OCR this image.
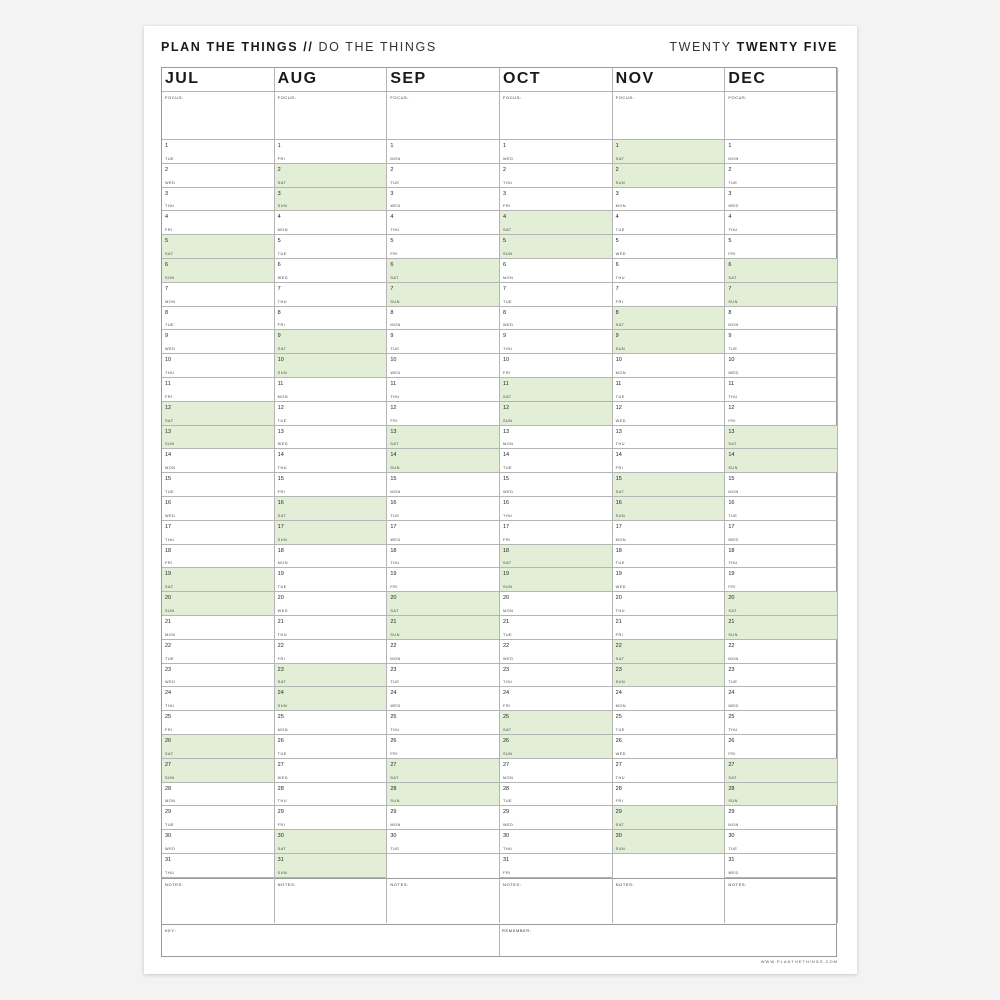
PLAN THE THINGS // DO THE THINGS	TWENTY TWENTY FIVE
DEC
FOCUS:
1
MON
2
TUE
3
WED
4
THU
5
FRI
6
SAT
7
SUN
8
MON
9
TUE
10
WED
11
THU
12
FRI
13
SAT
14
SUN
15
MON
16
TUE
17
WED
18
THU
19
FRI
20
SAT
21
SUN
22
MON
23
TUE
24
WED
25
THU
26
FRI
27
SAT
28
SUN
29
MON
30
TUE
31
WED
NOTES:
NOV
FOCUS:
1
SAT
2
SUN
3
MON
4
TUE
5
WED
6
THU
7
FRI
8
SAT
9
SUN
10
MON
11
TUE
12
WED
13
THU
14
FRI
15
SAT
16
SUN
17
MON
18
TUE
19
WED
20
THU
21
FRI
22
SAT
23
SUN
24
MON
25
TUE
26
WED
27
THU
28
FRI
29
SAT
30
SUN
NOTES:
OCT
FOCUS:
1
WED
2
THU
3
FRI
4
SAT
5
SUN
6
MON
7
TUE
8
WED
9
THU
10
FRI
11
SAT
12
SUN
13
MON
14
TUE
15
WED
16
THU
17
FRI
18
SAT
19
SUN
20
MON
21
TUE
22
WED
23
THU
24
FRI
25
SAT
26
SUN
27
MON
28
TUE
29
WED
30
THU
31
FRI
NOTES:
SEP
FOCUS:
1
MON
2
TUE
3
WED
4
THU
5
FRI
6
SAT
7
SUN
8
MON
9
TUE
10
WED
11
THU
12
FRI
13
SAT
14
SUN
15
MON
16
TUE
17
WED
18
THU
19
FRI
20
SAT
21
SUN
22
MON
23
TUE
24
WED
25
THU
26
FRI
27
SAT
28
SUN
29
MON
30
TUE
NOTES:
AUG
FOCUS:
1
FRI
2
SAT
3
SUN
4
MON
5
TUE
6
WED
7
THU
8
FRI
9
SAT
10
SUN
11
MON
12
TUE
13
WED
14
THU
15
FRI
16
SAT
17
SUN
18
MON
19
TUE
20
WED
21
THU
22
FRI
23
SAT
24
SUN
25
MON
26
TUE
27
WED
28
THU
29
FRI
30
SAT
31
SUN
NOTES:
JUL
FOCUS:
1
TUE
2
WED
3
THU
4
FRI
5
SAT
6
SUN
7
MON
8
TUE
9
WED
10
THU
11
FRI
12
SAT
13
SUN
14
MON
15
TUE
16
WED
17
THU
18
FRI
19
SAT
20
SUN
21
MON
22
TUE
23
WED
24
THU
25
FRI
26
SAT
27
SUN
28
MON
29
TUE
30
WED
31
THU
NOTES:
KEY:	REMEMBER:
WWW.PLANTHETHINGS.COM
